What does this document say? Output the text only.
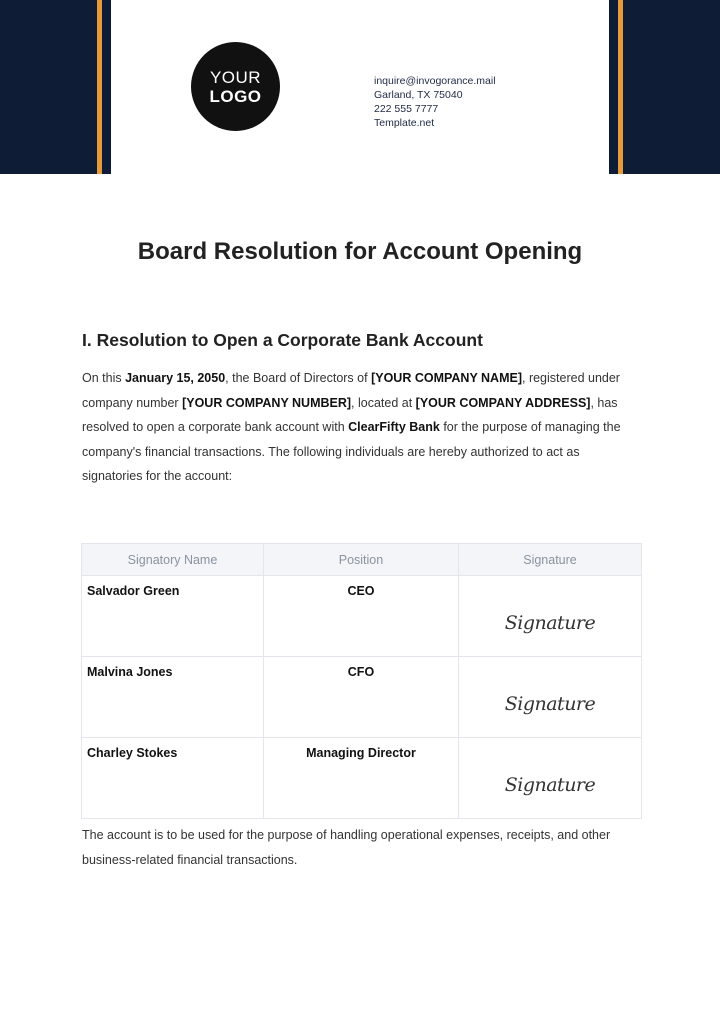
YOUR
LOGO
inquire@invogorance.mail
Garland, TX 75040
222 555 7777
Template.net
Board Resolution for Account Opening
I. Resolution to Open a Corporate Bank Account
On this January 15, 2050, the Board of Directors of [YOUR COMPANY NAME], registered under company number [YOUR COMPANY NUMBER], located at [YOUR COMPANY ADDRESS], has resolved to open a corporate bank account with ClearFifty Bank for the purpose of managing the company's financial transactions. The following individuals are hereby authorized to act as signatories for the account:
Signatory Name	Position	Signature
Salvador Green	CEO	Signature

Malvina Jones	CFO	Signature

Charley Stokes	Managing Director	Signature
The account is to be used for the purpose of handling operational expenses, receipts, and other business-related financial transactions.
